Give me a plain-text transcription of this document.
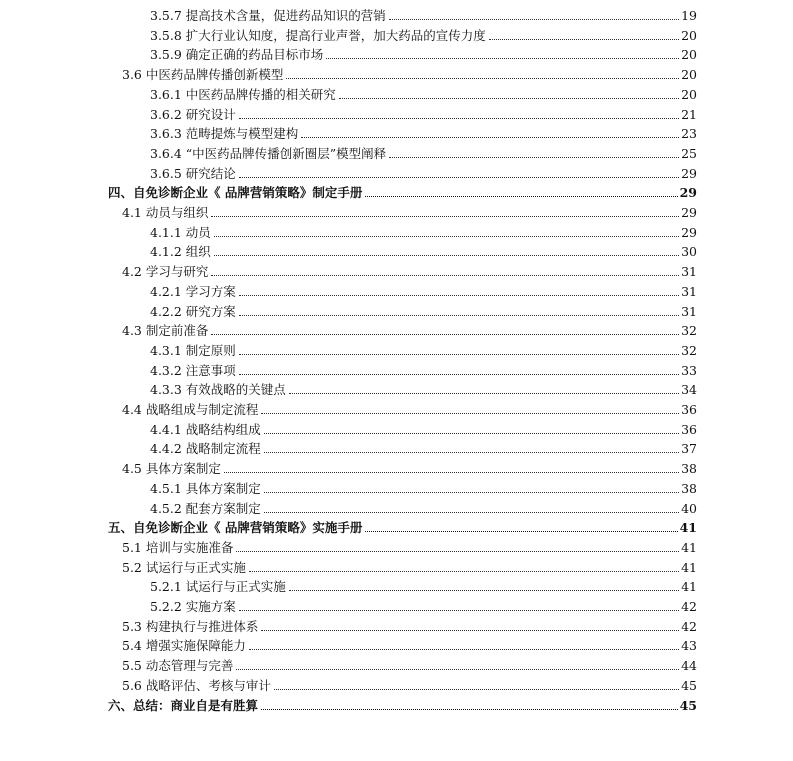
3.5.7 提高技术含量，促进药品知识的营销	19
3.5.8 扩大行业认知度，提高行业声誉，加大药品的宣传力度	20
3.5.9 确定正确的药品目标市场	20
3.6 中医药品牌传播创新模型	20
3.6.1 中医药品牌传播的相关研究	20
3.6.2 研究设计	21
3.6.3 范畴提炼与模型建构	23
3.6.4 “中医药品牌传播创新圈层”模型阐释	25
3.6.5 研究结论	29
四、自免诊断企业《 品牌营销策略》制定手册	29
4.1 动员与组织	29
4.1.1 动员	29
4.1.2 组织	30
4.2 学习与研究	31
4.2.1 学习方案	31
4.2.2 研究方案	31
4.3 制定前准备	32
4.3.1 制定原则	32
4.3.2 注意事项	33
4.3.3 有效战略的关键点	34
4.4 战略组成与制定流程	36
4.4.1 战略结构组成	36
4.4.2 战略制定流程	37
4.5 具体方案制定	38
4.5.1 具体方案制定	38
4.5.2 配套方案制定	40
五、自免诊断企业《 品牌营销策略》实施手册	41
5.1 培训与实施准备	41
5.2 试运行与正式实施	41
5.2.1 试运行与正式实施	41
5.2.2 实施方案	42
5.3 构建执行与推进体系	42
5.4 增强实施保障能力	43
5.5 动态管理与完善	44
5.6 战略评估、考核与审计	45
六、总结：商业自是有胜算	45
